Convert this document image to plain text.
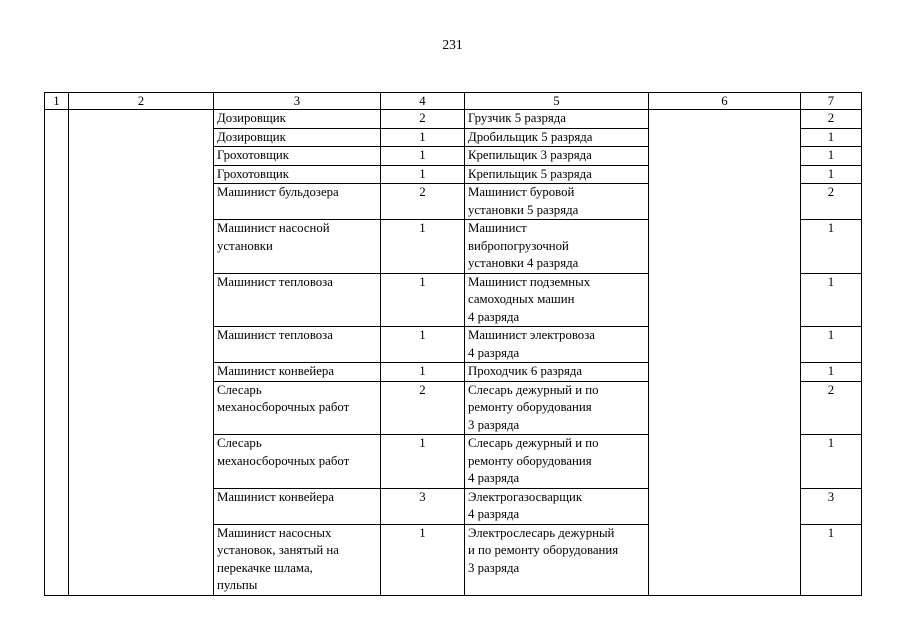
231
1	2	3	4	5	6	7
		Дозировщик	2	Грузчик 5 разряда		2
		Дозировщик	1	Дробильщик 5 разряда		1
		Грохотовщик	1	Крепильщик 3 разряда		1
		Грохотовщик	1	Крепильщик 5 разряда		1
		Машинист бульдозера	2	Машинист буровой
установки 5 разряда		2
		Машинист насосной
установки	1	Машинист
вибропогрузочной
установки 4 разряда		1
		Машинист тепловоза	1	Машинист подземных
самоходных машин
4 разряда		1
		Машинист тепловоза	1	Машинист электровоза
4 разряда		1
		Машинист конвейера	1	Проходчик 6 разряда		1
		Слесарь
механосборочных работ	2	Слесарь дежурный и по
ремонту оборудования
3 разряда		2
		Слесарь
механосборочных работ	1	Слесарь дежурный и по
ремонту оборудования
4 разряда		1
		Машинист конвейера	3	Электрогазосварщик
4 разряда		3
		Машинист насосных
установок, занятый на
перекачке шлама,
пульпы	1	Электрослесарь дежурный
и по ремонту оборудования
3 разряда		1
